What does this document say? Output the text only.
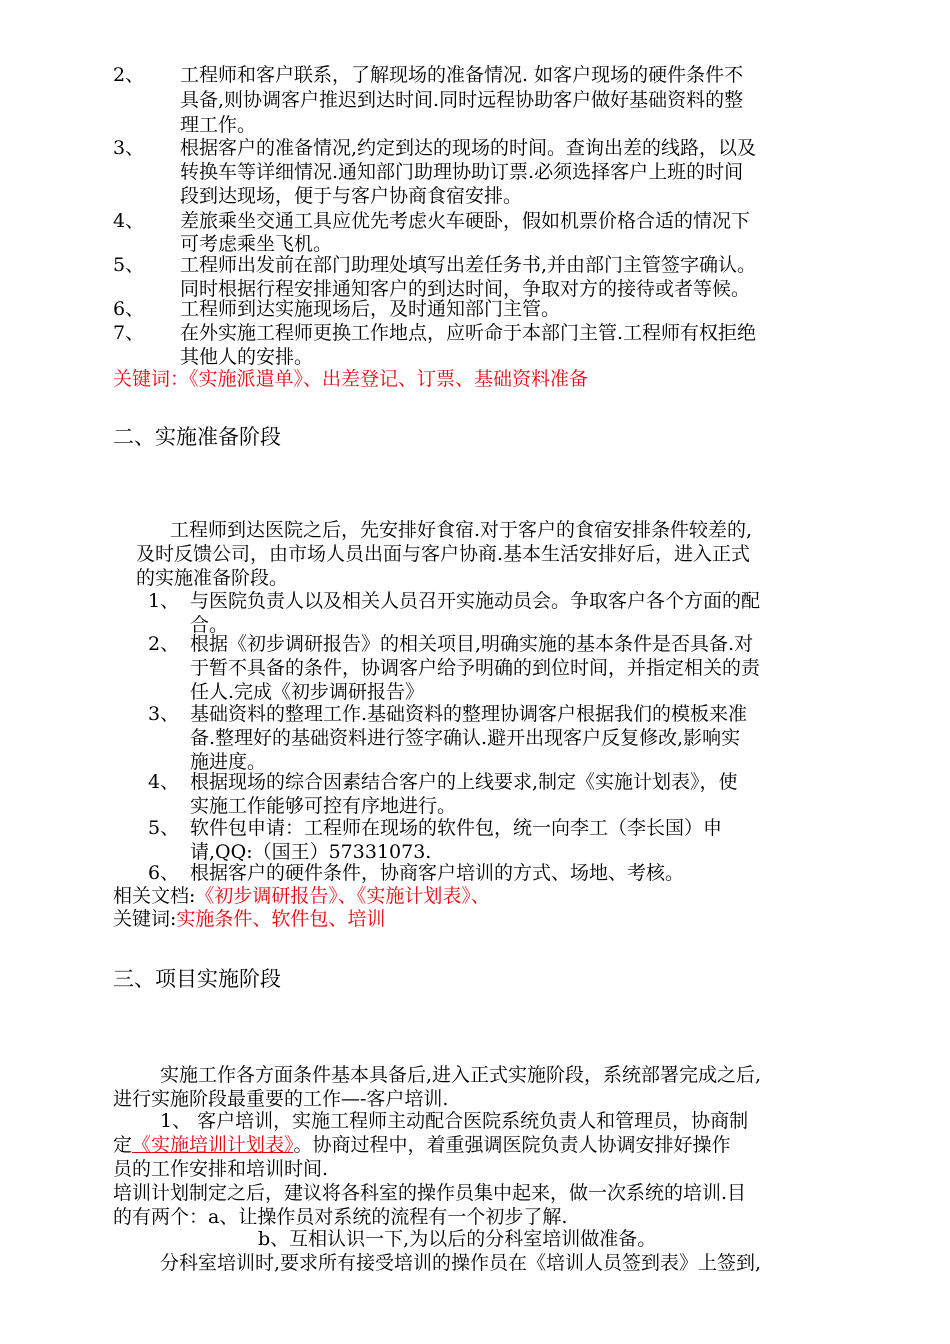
2、 工程师和客户联系，了解现场的准备情况. 如客户现场的硬件条件不
具备,则协调客户推迟到达时间.同时远程协助客户做好基础资料的整
理工作。
3、 根据客户的准备情况,约定到达的现场的时间。查询出差的线路，以及
转换车等详细情况.通知部门助理协助订票.必须选择客户上班的时间
段到达现场，便于与客户协商食宿安排。
4、 差旅乘坐交通工具应优先考虑火车硬卧，假如机票价格合适的情况下
可考虑乘坐飞机。
5、 工程师出发前在部门助理处填写出差任务书,并由部门主管签字确认。
同时根据行程安排通知客户的到达时间，争取对方的接待或者等候。
6、 工程师到达实施现场后，及时通知部门主管。
7、 在外实施工程师更换工作地点，应听命于本部门主管.工程师有权拒绝
其他人的安排。
关键词：《实施派遣单》、出差登记、订票、基础资料准备
二、实施准备阶段
工程师到达医院之后，先安排好食宿.对于客户的食宿安排条件较差的,
及时反馈公司，由市场人员出面与客户协商.基本生活安排好后，进入正式
的实施准备阶段。
1、 与医院负责人以及相关人员召开实施动员会。争取客户各个方面的配
合。
2、 根据《初步调研报告》的相关项目,明确实施的基本条件是否具备.对
于暂不具备的条件，协调客户给予明确的到位时间，并指定相关的责
任人.完成《初步调研报告》
3、 基础资料的整理工作.基础资料的整理协调客户根据我们的模板来准
备.整理好的基础资料进行签字确认.避开出现客户反复修改,影响实
施进度。
4、 根据现场的综合因素结合客户的上线要求,制定《实施计划表》，使
实施工作能够可控有序地进行。
5、 软件包申请：工程师在现场的软件包，统一向李工（李长国）申
请,QQ:（国王）57331073.
6、 根据客户的硬件条件，协商客户培训的方式、场地、考核。
相关文档:《初步调研报告》、《实施计划表》、
关键词:实施条件、软件包、培训
三、项目实施阶段
实施工作各方面条件基本具备后,进入正式实施阶段，系统部署完成之后,
进行实施阶段最重要的工作—-客户培训.
1、 客户培训，实施工程师主动配合医院系统负责人和管理员，协商制
定《实施培训计划表》。协商过程中，着重强调医院负责人协调安排好操作
员的工作安排和培训时间.
培训计划制定之后，建议将各科室的操作员集中起来，做一次系统的培训.目
的有两个：a、让操作员对系统的流程有一个初步了解.
b、互相认识一下,为以后的分科室培训做准备。
分科室培训时,要求所有接受培训的操作员在《培训人员签到表》上签到,
